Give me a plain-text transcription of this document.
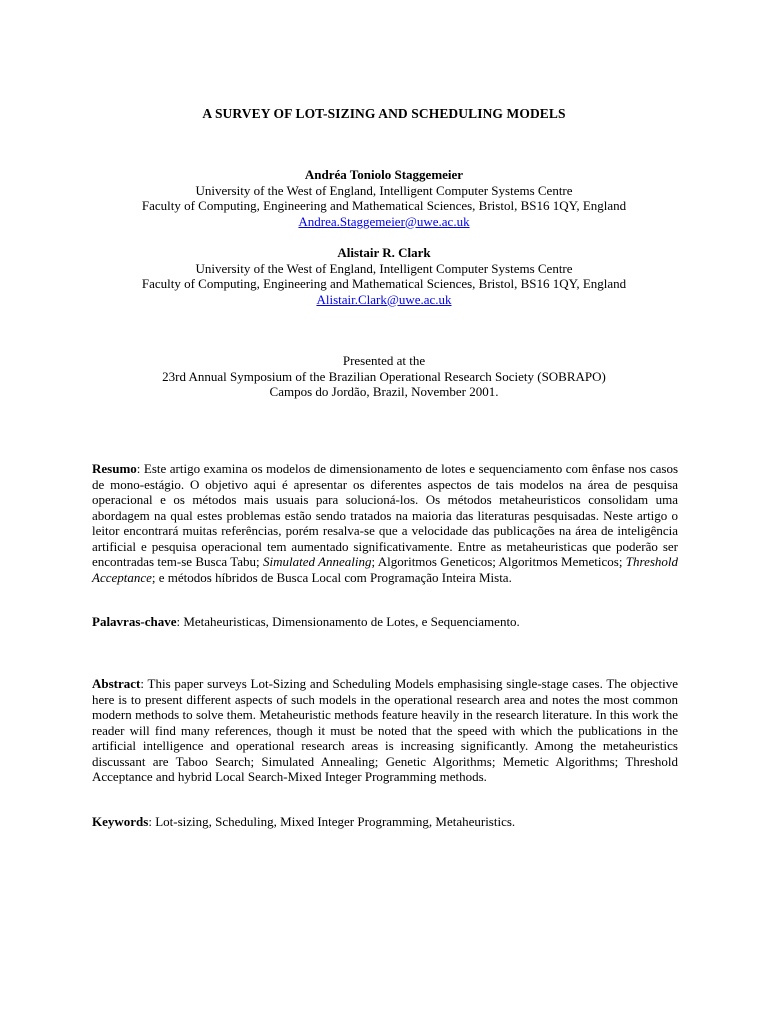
A SURVEY OF LOT-SIZING AND SCHEDULING MODELS
Andréa Toniolo Staggemeier
University of the West of England, Intelligent Computer Systems Centre
Faculty of Computing, Engineering and Mathematical Sciences, Bristol, BS16 1QY, England
Andrea.Staggemeier@uwe.ac.uk
Alistair R. Clark
University of the West of England, Intelligent Computer Systems Centre
Faculty of Computing, Engineering and Mathematical Sciences, Bristol, BS16 1QY, England
Alistair.Clark@uwe.ac.uk
Presented at the
23rd Annual Symposium of the Brazilian Operational Research Society (SOBRAPO)
Campos do Jordão, Brazil, November 2001.

Resumo: Este artigo examina os modelos de dimensionamento de lotes e sequenciamento com ênfase nos casos de mono-estágio. O objetivo aqui é apresentar os diferentes aspectos de tais modelos na área de pesquisa operacional e os métodos mais usuais para solucioná-los. Os métodos metaheuristicos consolidam uma abordagem na qual estes problemas estão sendo tratados na maioria das literaturas pesquisadas. Neste artigo o leitor encontrará muitas referências, porém resalva-se que a velocidade das publicações na área de inteligência artificial e pesquisa operacional tem aumentado significativamente. Entre as metaheuristicas que poderão ser encontradas tem-se Busca Tabu; Simulated Annealing; Algoritmos Geneticos; Algoritmos Memeticos; Threshold Acceptance; e métodos híbridos de Busca Local com Programação Inteira Mista.

Palavras-chave: Metaheuristicas, Dimensionamento de Lotes, e Sequenciamento.

Abstract: This paper surveys Lot-Sizing and Scheduling Models emphasising single-stage cases. The objective here is to present different aspects of such models in the operational research area and notes the most common modern methods to solve them. Metaheuristic methods feature heavily in the research literature. In this work the reader will find many references, though it must be noted that the speed with which the publications in the artificial intelligence and operational research areas is increasing significantly. Among the metaheuristics discussant are Taboo Search; Simulated Annealing; Genetic Algorithms; Memetic Algorithms; Threshold Acceptance and hybrid Local Search-Mixed Integer Programming methods.

Keywords: Lot-sizing, Scheduling, Mixed Integer Programming, Metaheuristics.
